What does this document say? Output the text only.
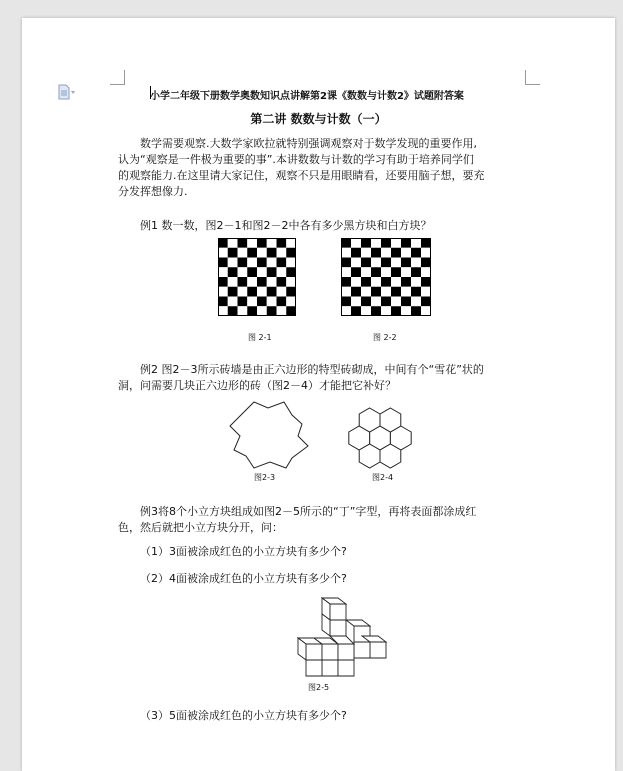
小学二年级下册数学奥数知识点讲解第2课《数数与计数2》试题附答案
第二讲 数数与计数（一）
数学需要观察.大数学家欧拉就特别强调观察对于数学发现的重要作用,
认为“观察是一件极为重要的事”.本讲数数与计数的学习有助于培养同学们
的观察能力.在这里请大家记住，观察不只是用眼睛看，还要用脑子想，要充
分发挥想像力.
例1 数一数，图2－1和图2－2中各有多少黑方块和白方块？
图 2-1	图 2-2
例2 图2－3所示砖墙是由正六边形的特型砖砌成，中间有个“雪花”状的
洞，问需要几块正六边形的砖（图2－4）才能把它补好？
图2-3	图2-4
例3将8个小立方块组成如图2－5所示的“丁”字型，再将表面都涂成红
色，然后就把小立方块分开，问：
（1）3面被涂成红色的小立方块有多少个?
（2）4面被涂成红色的小立方块有多少个?
图2-5
（3）5面被涂成红色的小立方块有多少个?
